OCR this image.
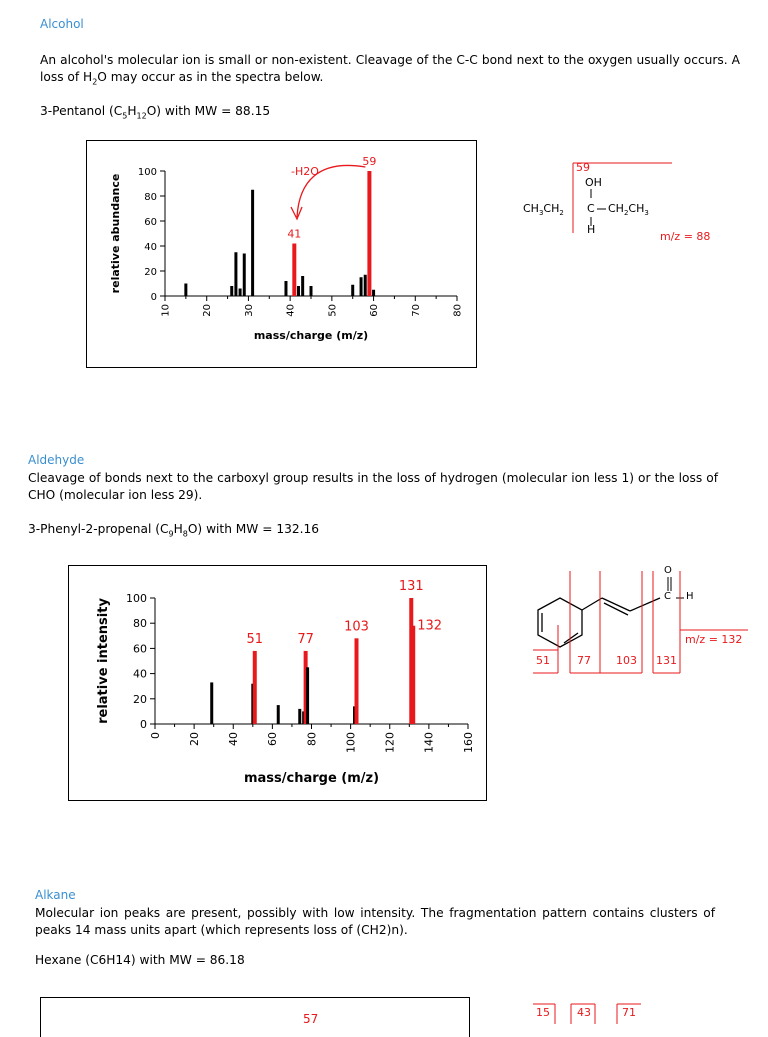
Alcohol
An alcohol's molecular ion is small or non-existent. Cleavage of the C-C bond next to the oxygen usually occurs. A loss of $H_2O$ may occur as in the spectra below.
3-Pentanol $(C_5H_{12}O)$ with MW = 88.15
0
20
40
60
80
100
10	20	30	40	50	60	70	80
mass/charge (m/z)
relative abundance	41
59
-H2O	59
OH
$CH_3CH_2$ C $CH_2CH_3$
H
m/z = 88
Aldehyde
Cleavage of bonds next to the carboxyl group results in the loss of hydrogen (molecular ion less 1) or the loss of CHO (molecular ion less 29).
3-Phenyl-2-propenal $(C_9H_8O)$ with MW = 132.16
0
20
40
60
80
100
0 20 40 60 80 100 120 140 160
mass/charge (m/z)
relative intensity	51	77
103
131
132
O
C H
m/z = 132
51 77 103 131
Alkane
Molecular ion peaks are present, possibly with low intensity. The fragmentation pattern contains clusters of peaks 14 mass units apart (which represents loss of (CH2)n).
Hexane (C6H14) with MW = 86.18
57	15 43	71
